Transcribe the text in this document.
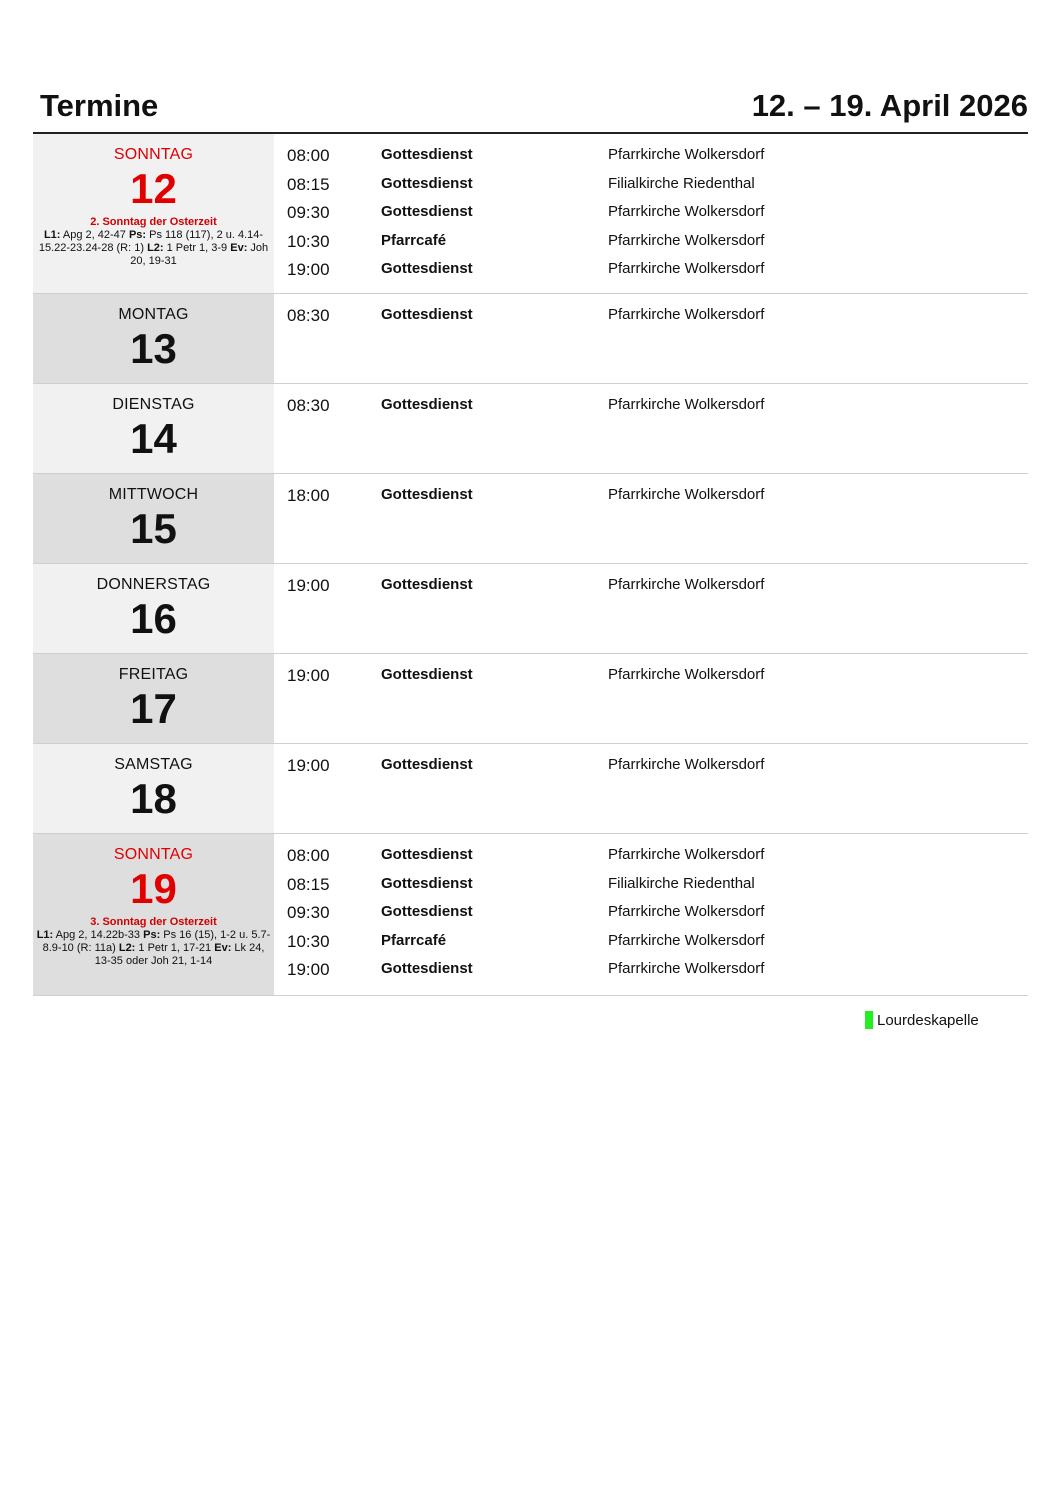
Termine	12. – 19. April 2026
SONNTAG
12
2. Sonntag der Osterzeit
L1: Apg 2, 42-47 Ps: Ps 118 (117), 2 u. 4.14-15.22-23.24-28 (R: 1) L2: 1 Petr 1, 3-9 Ev: Joh 20, 19-31
08:00	Gottesdienst	Pfarrkirche Wolkersdorf
08:15	Gottesdienst	Filialkirche Riedenthal
09:30	Gottesdienst	Pfarrkirche Wolkersdorf
10:30	Pfarrcafé	Pfarrkirche Wolkersdorf
19:00	Gottesdienst	Pfarrkirche Wolkersdorf
MONTAG
13
08:30	Gottesdienst	Pfarrkirche Wolkersdorf
DIENSTAG
14
08:30	Gottesdienst	Pfarrkirche Wolkersdorf
MITTWOCH
15
18:00	Gottesdienst	Pfarrkirche Wolkersdorf
DONNERSTAG
16
19:00	Gottesdienst	Pfarrkirche Wolkersdorf
FREITAG
17
19:00	Gottesdienst	Pfarrkirche Wolkersdorf
SAMSTAG
18
19:00	Gottesdienst	Pfarrkirche Wolkersdorf
SONNTAG
19
3. Sonntag der Osterzeit
L1: Apg 2, 14.22b-33 Ps: Ps 16 (15), 1-2 u. 5.7-8.9-10 (R: 11a) L2: 1 Petr 1, 17-21 Ev: Lk 24, 13-35 oder Joh 21, 1-14
08:00	Gottesdienst	Pfarrkirche Wolkersdorf
08:15	Gottesdienst	Filialkirche Riedenthal
09:30	Gottesdienst	Pfarrkirche Wolkersdorf
10:30	Pfarrcafé	Pfarrkirche Wolkersdorf
19:00	Gottesdienst	Pfarrkirche Wolkersdorf
Lourdeskapelle
